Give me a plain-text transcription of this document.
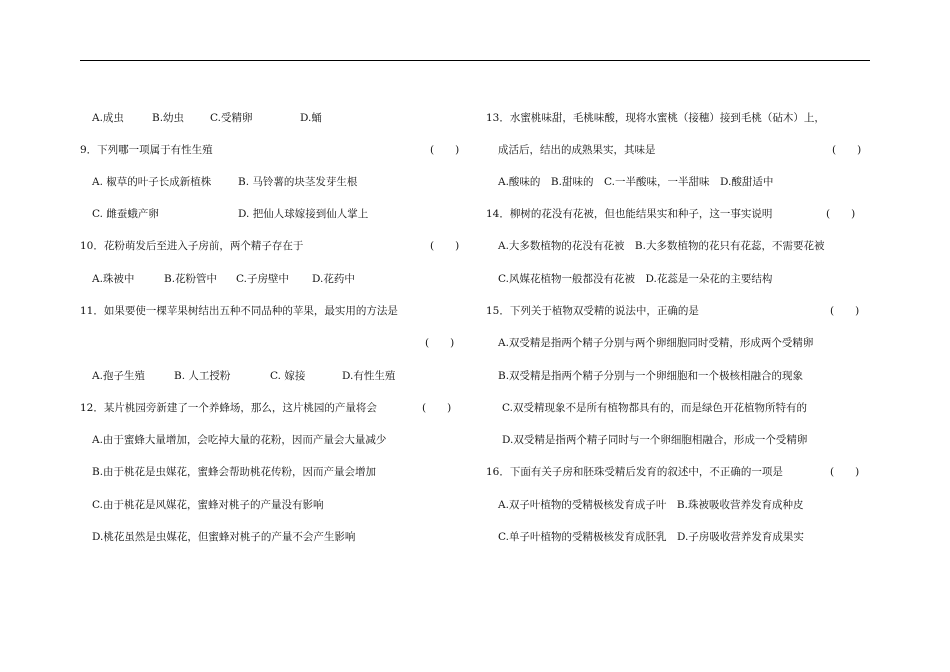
A.成虫	B.幼虫 C.受精卵	D.蛹
9．下列哪一项属于有性生殖	(　　)
A. 椒草的叶子长成新植株	B. 马铃薯的块茎发芽生根
C. 雌蚕蛾产卵	D. 把仙人球嫁接到仙人掌上
10．花粉萌发后至进入子房前，两个精子存在于	(　　)
A.珠被中	B.花粉管中 C.子房壁中 D.花药中
11．如果要使一棵苹果树结出五种不同品种的苹果，最实用的方法是
(　　)
A.孢子生殖	B. 人工授粉	C. 嫁接	D.有性生殖
12．某片桃园旁新建了一个养蜂场，那么，这片桃园的产量将会	(　　)
A.由于蜜蜂大量增加，会吃掉大量的花粉，因而产量会大量减少
B.由于桃花是虫媒花，蜜蜂会帮助桃花传粉，因而产量会增加
C.由于桃花是风媒花，蜜蜂对桃子的产量没有影响
D.桃花虽然是虫媒花，但蜜蜂对桃子的产量不会产生影响
13．水蜜桃味甜，毛桃味酸，现将水蜜桃（接穗）接到毛桃（砧木）上，
成活后，结出的成熟果实，其味是	(　　)
A.酸味的　B.甜味的　C.一半酸味，一半甜味　D.酸甜适中
14．柳树的花没有花被，但也能结果实和种子，这一事实说明	(　　)
A.大多数植物的花没有花被　B.大多数植物的花只有花蕊，不需要花被
C.风媒花植物一般都没有花被　D.花蕊是一朵花的主要结构
15．下列关于植物双受精的说法中，正确的是	(　　)
A.双受精是指两个精子分别与两个卵细胞同时受精，形成两个受精卵
B.双受精是指两个精子分别与一个卵细胞和一个极核相融合的现象
C.双受精现象不是所有植物都具有的，而是绿色开花植物所特有的
D.双受精是指两个精子同时与一个卵细胞相融合，形成一个受精卵
16．下面有关子房和胚珠受精后发育的叙述中，不正确的一项是	(　　)
A.双子叶植物的受精极核发育成子叶　B.珠被吸收营养发育成种皮
C.单子叶植物的受精极核发育成胚乳　D.子房吸收营养发育成果实
